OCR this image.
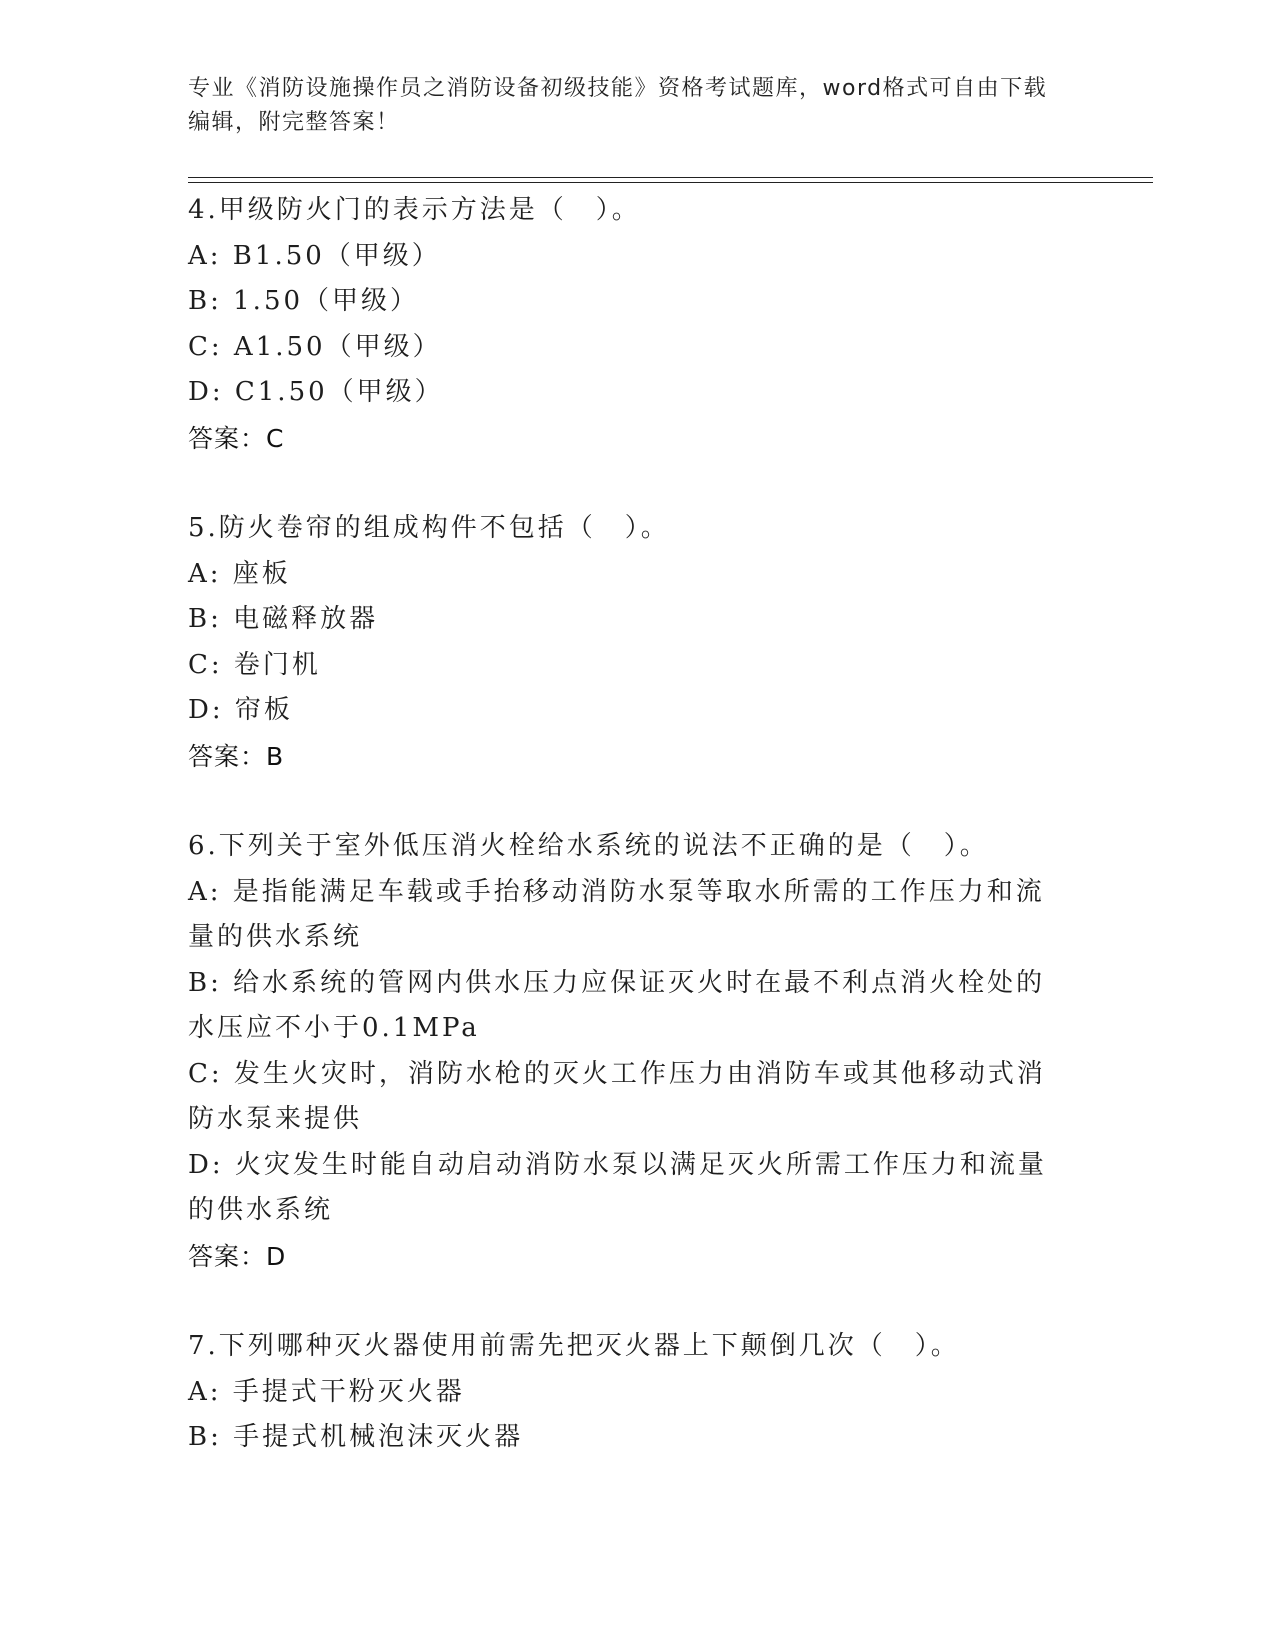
专业《消防设施操作员之消防设备初级技能》资格考试题库，word格式可自由下载编辑，附完整答案！
4.甲级防火门的表示方法是（　）。
A: B1.50（甲级）
B: 1.50（甲级）
C: A1.50（甲级）
D: C1.50（甲级）
答案：C
5.防火卷帘的组成构件不包括（　）。
A: 座板
B: 电磁释放器
C: 卷门机
D: 帘板
答案：B
6.下列关于室外低压消火栓给水系统的说法不正确的是（　）。
A: 是指能满足车载或手抬移动消防水泵等取水所需的工作压力和流量的供水系统
B: 给水系统的管网内供水压力应保证灭火时在最不利点消火栓处的水压应不小于0.1MPa
C: 发生火灾时，消防水枪的灭火工作压力由消防车或其他移动式消防水泵来提供
D: 火灾发生时能自动启动消防水泵以满足灭火所需工作压力和流量的供水系统
答案：D
7.下列哪种灭火器使用前需先把灭火器上下颠倒几次（　）。
A: 手提式干粉灭火器
B: 手提式机械泡沫灭火器
